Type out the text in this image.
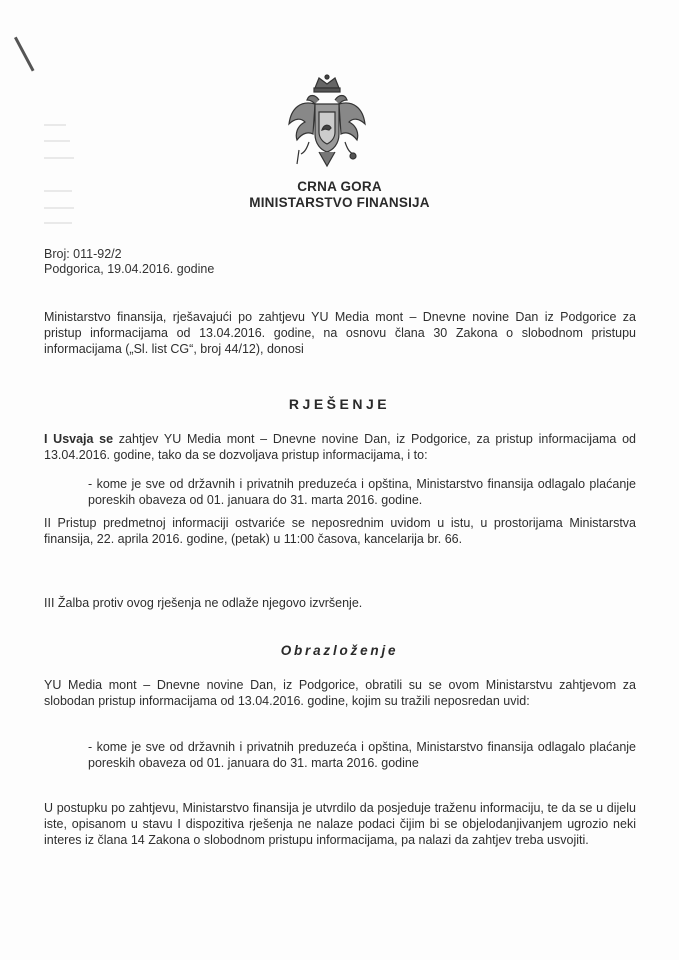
CRNA GORA
MINISTARSTVO FINANSIJA
Broj: 011-92/2
Podgorica, 19.04.2016. godine
Ministarstvo finansija, rješavajući po zahtjevu YU Media mont – Dnevne novine Dan iz Podgorice za pristup informacijama od 13.04.2016. godine, na osnovu člana 30 Zakona o slobodnom pristupu informacijama („Sl. list CG“, broj 44/12), donosi
RJEŠENJE
I Usvaja se zahtjev YU Media mont – Dnevne novine Dan, iz Podgorice, za pristup informacijama od 13.04.2016. godine, tako da se dozvoljava pristup informacijama, i to:
- kome je sve od državnih i privatnih preduzeća i opština, Ministarstvo finansija odlagalo plaćanje poreskih obaveza od 01. januara do 31. marta 2016. godine.
II Pristup predmetnoj informaciji ostvariće se neposrednim uvidom u istu, u prostorijama Ministarstva finansija, 22. aprila 2016. godine, (petak) u 11:00 časova, kancelarija br. 66.
III Žalba protiv ovog rješenja ne odlaže njegovo izvršenje.
Obrazloženje
YU Media mont – Dnevne novine Dan, iz Podgorice, obratili su se ovom Ministarstvu zahtjevom za slobodan pristup informacijama od 13.04.2016. godine, kojim su tražili neposredan uvid:
- kome je sve od državnih i privatnih preduzeća i opština, Ministarstvo finansija odlagalo plaćanje poreskih obaveza od 01. januara do 31. marta 2016. godine
U postupku po zahtjevu, Ministarstvo finansija je utvrdilo da posjeduje traženu informaciju, te da se u dijelu iste, opisanom u stavu I dispozitiva rješenja ne nalaze podaci čijim bi se objelodanjivanjem ugrozio neki interes iz člana 14 Zakona o slobodnom pristupu informacijama, pa nalazi da zahtjev treba usvojiti.
